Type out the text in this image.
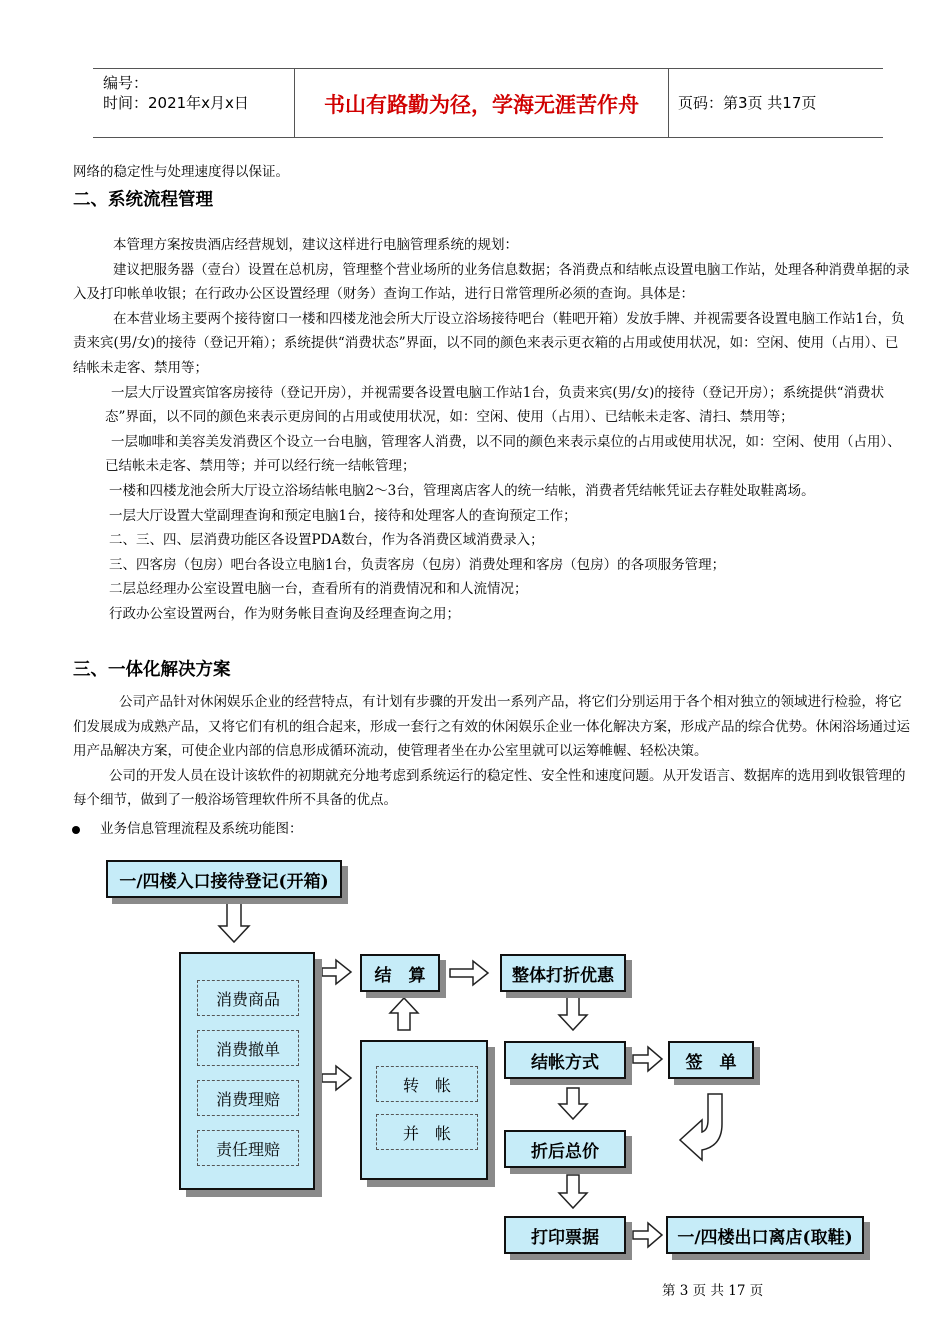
编号：
时间：2021年x月x日	书山有路勤为径，学海无涯苦作舟	页码：第3页 共17页

网络的稳定性与处理速度得以保证。

二、系统流程管理

本管理方案按贵酒店经营规划，建议这样进行电脑管理系统的规划：

建议把服务器（壹台）设置在总机房，管理整个营业场所的业务信息数据；各消费点和结帐点设置电脑工作站，处理各种消费单据的录入及打印帐单收银；在行政办公区设置经理（财务）查询工作站，进行日常管理所必须的查询。具体是：

在本营业场主要两个接待窗口一楼和四楼龙池会所大厅设立浴场接待吧台（鞋吧开箱）发放手牌、并视需要各设置电脑工作站1台，负责来宾(男/女)的接待（登记开箱）；系统提供“消费状态”界面，以不同的颜色来表示更衣箱的占用或使用状况，如：空闲、使用（占用）、已结帐未走客、禁用等；

一层大厅设置宾馆客房接待（登记开房），并视需要各设置电脑工作站1台，负责来宾(男/女)的接待（登记开房）；系统提供“消费状态”界面，以不同的颜色来表示更房间的占用或使用状况，如：空闲、使用（占用）、已结帐未走客、清扫、禁用等；

一层咖啡和美容美发消费区个设立一台电脑，管理客人消费，以不同的颜色来表示桌位的占用或使用状况，如：空闲、使用（占用）、已结帐未走客、禁用等；并可以经行统一结帐管理；

一楼和四楼龙池会所大厅设立浴场结帐电脑2～3台，管理离店客人的统一结帐，消费者凭结帐凭证去存鞋处取鞋离场。

一层大厅设置大堂副理查询和预定电脑1台，接待和处理客人的查询预定工作；

二、三、四、层消费功能区各设置PDA数台，作为各消费区域消费录入；

三、四客房（包房）吧台各设立电脑1台，负责客房（包房）消费处理和客房（包房）的各项服务管理；

二层总经理办公室设置电脑一台，查看所有的消费情况和和人流情况；

行政办公室设置两台，作为财务帐目查询及经理查询之用；

三、一体化解决方案

公司产品针对休闲娱乐企业的经营特点，有计划有步骤的开发出一系列产品，将它们分别运用于各个相对独立的领域进行检验，将它们发展成为成熟产品，又将它们有机的组合起来，形成一套行之有效的休闲娱乐企业一体化解决方案，形成产品的综合优势。休闲浴场通过运用产品解决方案，可使企业内部的信息形成循环流动，使管理者坐在办公室里就可以运筹帷幄、轻松决策。

公司的开发人员在设计该软件的初期就充分地考虑到系统运行的稳定性、安全性和速度问题。从开发语言、数据库的选用到收银管理的每个细节，做到了一般浴场管理软件所不具备的优点。

业务信息管理流程及系统功能图：
一/四楼入口接待登记(开箱)
消费商品
消费撤单
消费理赔
责任理赔
结　算
转　帐
并　帐
整体打折优惠
结帐方式	签　单
折后总价
打印票据	一/四楼出口离店(取鞋)
第 3 页 共 17 页
